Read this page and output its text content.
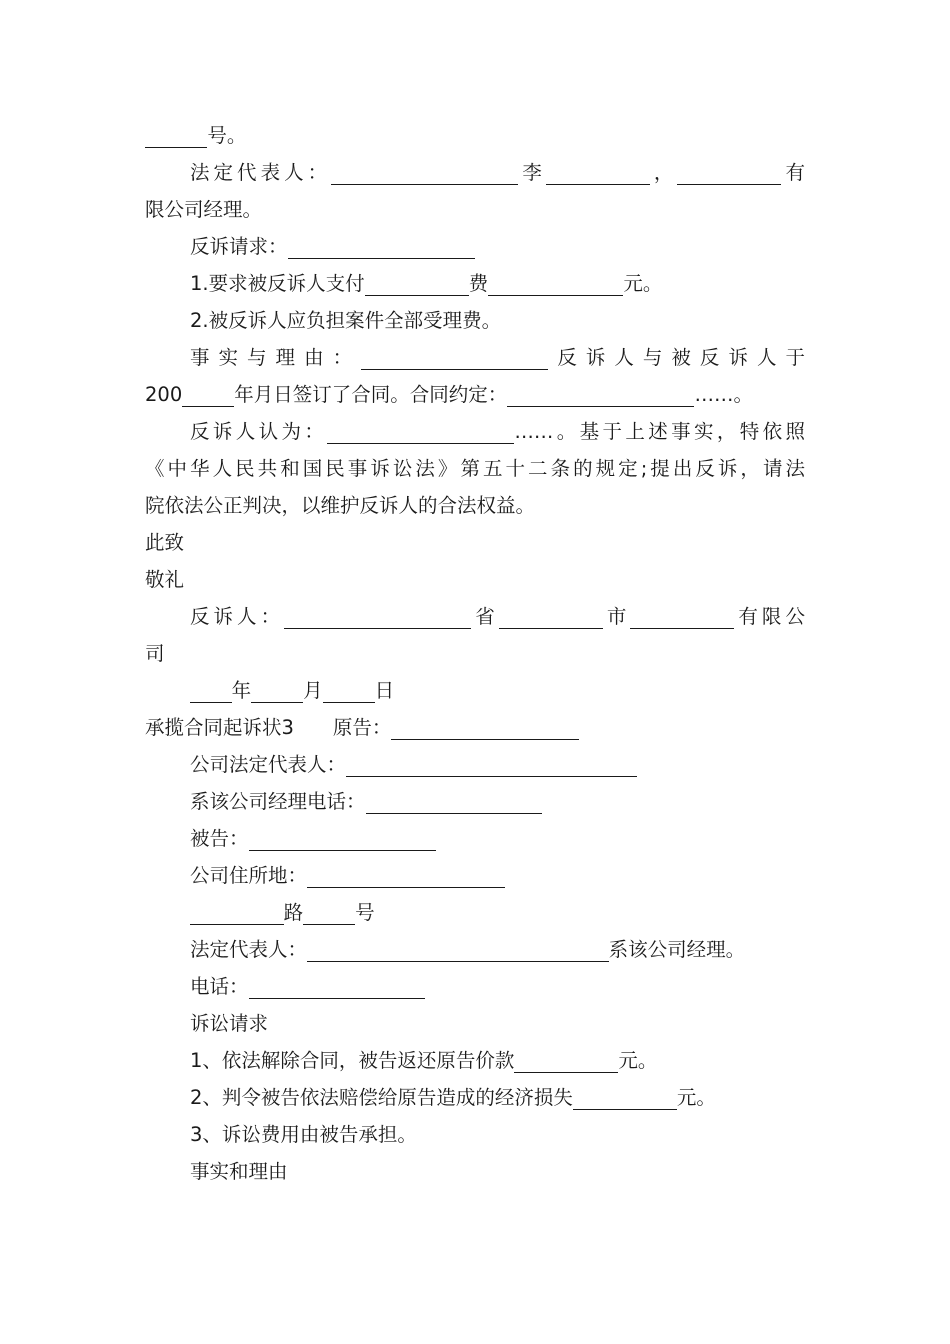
号。
法定代表人：	李	，	有
限公司经理。
反诉请求：
1.要求被反诉人支付	费	元。
2.被反诉人应负担案件全部受理费。
事实与理由：	反诉人与被反诉人于
200	年月日签订了合同。合同约定：	……。
反诉人认为：	……。基于上述事实，特依照
《中华人民共和国民事诉讼法》第五十二条的规定;提出反诉，请法
院依法公正判决，以维护反诉人的合法权益。
此致
敬礼
反诉人：	省	市	有限公
司
年	月	日
承揽合同起诉状3　　原告：
公司法定代表人：
系该公司经理电话：
被告：
公司住所地：
路	号
法定代表人：	系该公司经理。
电话：
诉讼请求
1、依法解除合同，被告返还原告价款	元。
2、判令被告依法赔偿给原告造成的经济损失	元。
3、诉讼费用由被告承担。
事实和理由
